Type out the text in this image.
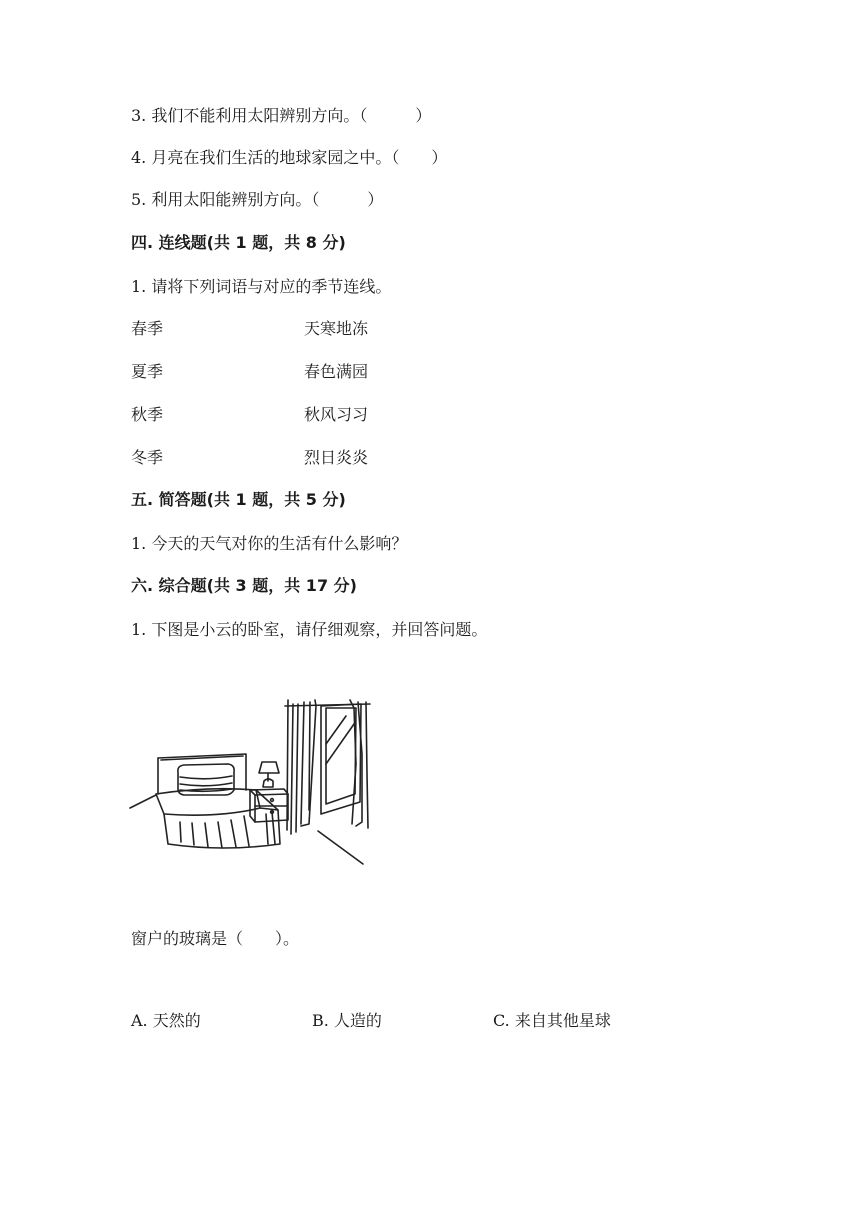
3. 我们不能利用太阳辨别方向。（　　　）
4. 月亮在我们生活的地球家园之中。（　　）
5. 利用太阳能辨别方向。（　　　）
四. 连线题(共 1 题，共 8 分)
1. 请将下列词语与对应的季节连线。
春季
夏季
秋季
冬季
天寒地冻
春色满园
秋风习习
烈日炎炎
五. 简答题(共 1 题，共 5 分)
1. 今天的天气对你的生活有什么影响？
六. 综合题(共 3 题，共 17 分)
1. 下图是小云的卧室，请仔细观察，并回答问题。
窗户的玻璃是（　　）。
A. 天然的	B. 人造的	C. 来自其他星球
